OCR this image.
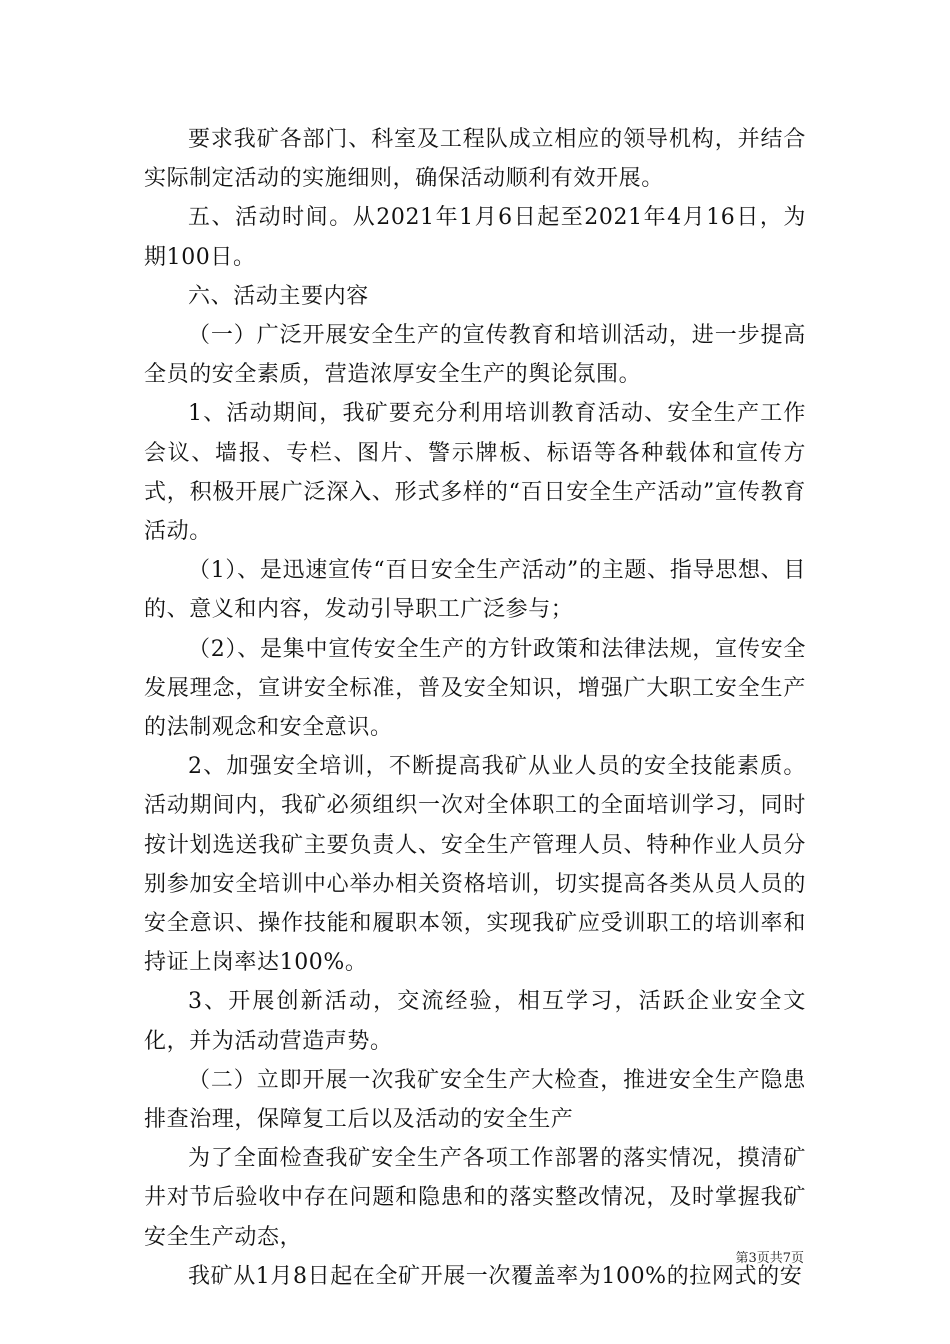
要求我矿各部门、科室及工程队成立相应的领导机构，并结合实际制定活动的实施细则，确保活动顺利有效开展。

五、活动时间。从2021年1月6日起至2021年4月16日，为期100日。

六、活动主要内容

（一）广泛开展安全生产的宣传教育和培训活动，进一步提高全员的安全素质，营造浓厚安全生产的舆论氛围。

1、活动期间，我矿要充分利用培训教育活动、安全生产工作会议、墙报、专栏、图片、警示牌板、标语等各种载体和宣传方式，积极开展广泛深入、形式多样的“百日安全生产活动”宣传教育活动。

（1）、是迅速宣传“百日安全生产活动”的主题、指导思想、目的、意义和内容，发动引导职工广泛参与；

（2）、是集中宣传安全生产的方针政策和法律法规，宣传安全发展理念，宣讲安全标准，普及安全知识，增强广大职工安全生产的法制观念和安全意识。

2、加强安全培训，不断提高我矿从业人员的安全技能素质。活动期间内，我矿必须组织一次对全体职工的全面培训学习，同时按计划选送我矿主要负责人、安全生产管理人员、特种作业人员分别参加安全培训中心举办相关资格培训，切实提高各类从员人员的安全意识、操作技能和履职本领，实现我矿应受训职工的培训率和持证上岗率达100%。

3、开展创新活动，交流经验，相互学习，活跃企业安全文化，并为活动营造声势。

（二）立即开展一次我矿安全生产大检查，推进安全生产隐患排查治理，保障复工后以及活动的安全生产

为了全面检查我矿安全生产各项工作部署的落实情况，摸清矿井对节后验收中存在问题和隐患和的落实整改情况，及时掌握我矿安全生产动态，

我矿从1月8日起在全矿开展一次覆盖率为100%的拉网式的安

第3页共7页
